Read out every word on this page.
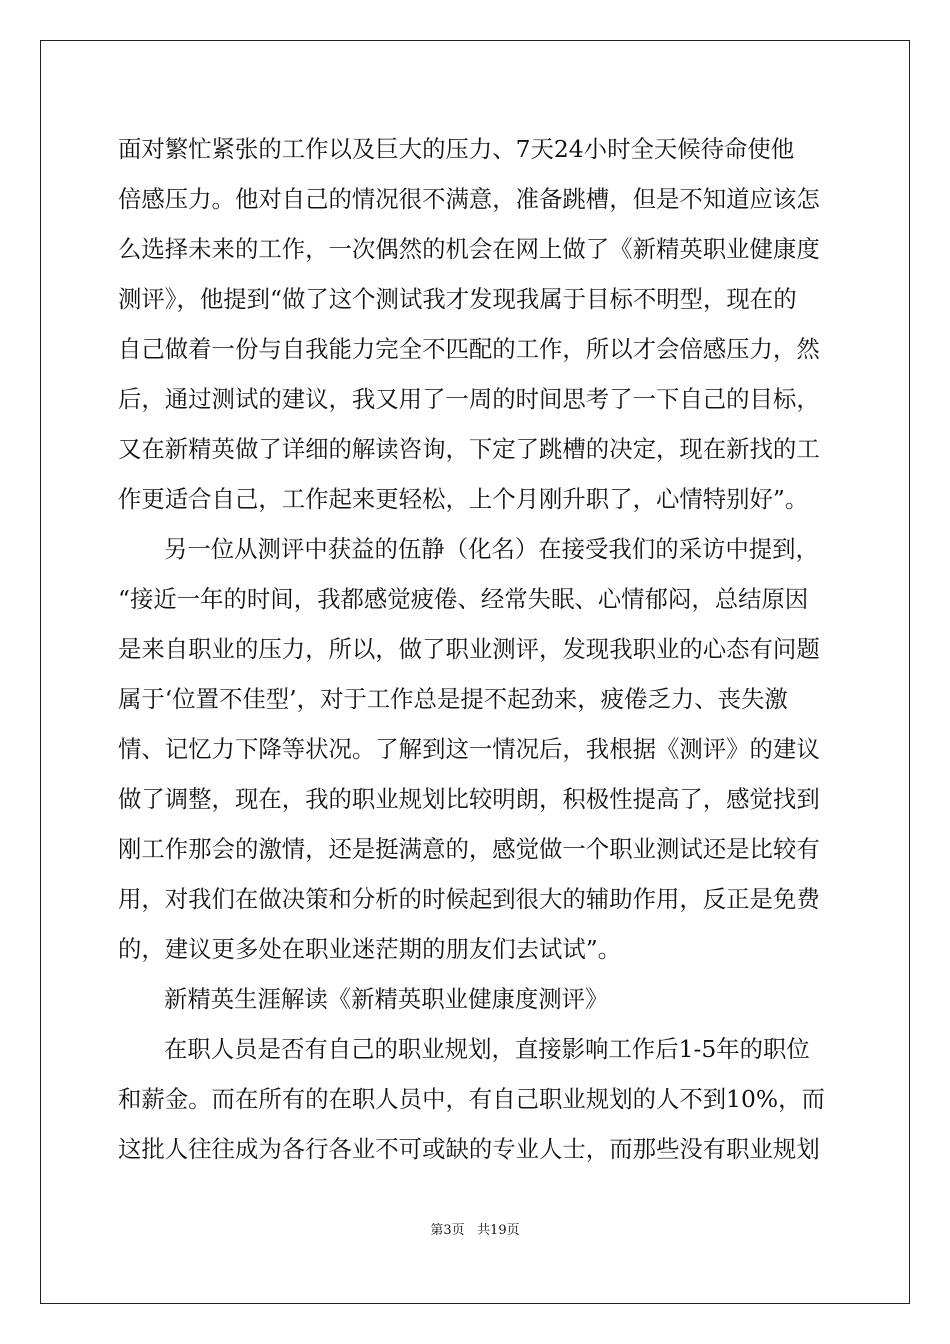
面对繁忙紧张的工作以及巨大的压力、7天24小时全天候待命使他
倍感压力。他对自己的情况很不满意，准备跳槽，但是不知道应该怎
么选择未来的工作，一次偶然的机会在网上做了《新精英职业健康度
测评》，他提到“做了这个测试我才发现我属于目标不明型，现在的
自己做着一份与自我能力完全不匹配的工作，所以才会倍感压力，然
后，通过测试的建议，我又用了一周的时间思考了一下自己的目标，
又在新精英做了详细的解读咨询，下定了跳槽的决定，现在新找的工
作更适合自己，工作起来更轻松，上个月刚升职了，心情特别好”。
另一位从测评中获益的伍静（化名）在接受我们的采访中提到，
“接近一年的时间，我都感觉疲倦、经常失眠、心情郁闷，总结原因
是来自职业的压力，所以，做了职业测评，发现我职业的心态有问题
属于‘位置不佳型’，对于工作总是提不起劲来，疲倦乏力、丧失激
情、记忆力下降等状况。了解到这一情况后，我根据《测评》的建议
做了调整，现在，我的职业规划比较明朗，积极性提高了，感觉找到
刚工作那会的激情，还是挺满意的，感觉做一个职业测试还是比较有
用，对我们在做决策和分析的时候起到很大的辅助作用，反正是免费
的，建议更多处在职业迷茫期的朋友们去试试”。
新精英生涯解读《新精英职业健康度测评》
在职人员是否有自己的职业规划，直接影响工作后1-5年的职位
和薪金。而在所有的在职人员中，有自己职业规划的人不到10%，而
这批人往往成为各行各业不可或缺的专业人士，而那些没有职业规划
第3页   共19页
